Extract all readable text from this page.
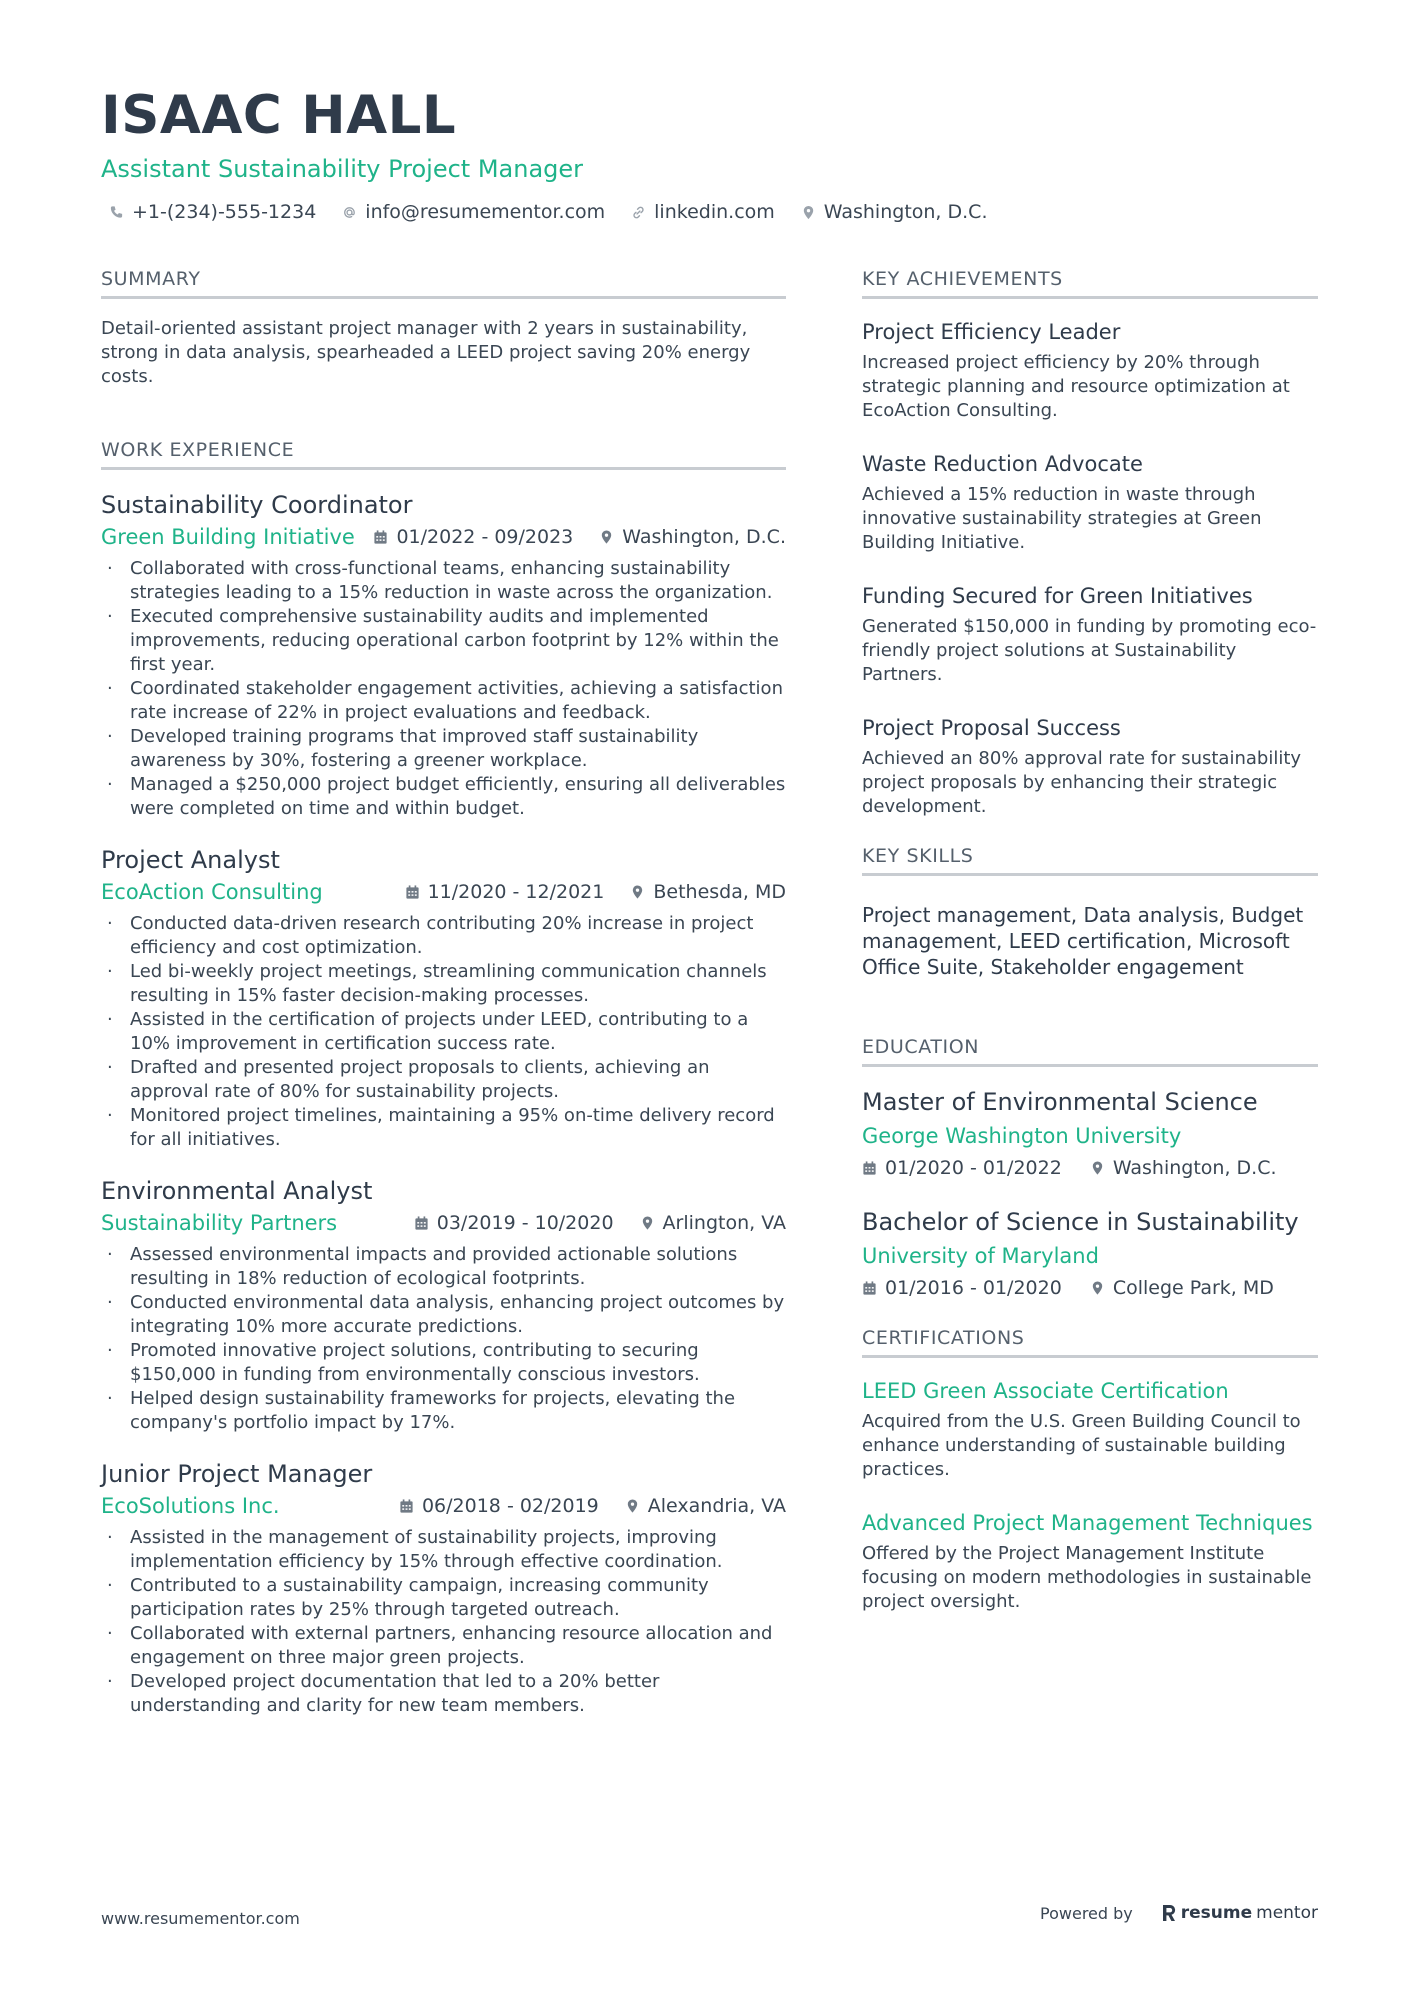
ISAAC HALL
Assistant Sustainability Project Manager
+1-(234)-555-1234	info@resumementor.com	linkedin.com	Washington, D.C.
SUMMARY
Detail-oriented assistant project manager with 2 years in sustainability, strong in data analysis, spearheaded a LEED project saving 20% energy costs.
WORK EXPERIENCE
Sustainability Coordinator
Green Building Initiative 01/2022 - 09/2023	Washington, D.C.
· Collaborated with cross-functional teams, enhancing sustainability strategies leading to a 15% reduction in waste across the organization.
· Executed comprehensive sustainability audits and implemented improvements, reducing operational carbon footprint by 12% within the first year.
· Coordinated stakeholder engagement activities, achieving a satisfaction rate increase of 22% in project evaluations and feedback.
· Developed training programs that improved staff sustainability awareness by 30%, fostering a greener workplace.
· Managed a $250,000 project budget efficiently, ensuring all deliverables were completed on time and within budget.
Project Analyst
EcoAction Consulting	11/2020 - 12/2021	Bethesda, MD
· Conducted data-driven research contributing 20% increase in project efficiency and cost optimization.
· Led bi-weekly project meetings, streamlining communication channels resulting in 15% faster decision-making processes.
· Assisted in the certification of projects under LEED, contributing to a 10% improvement in certification success rate.
· Drafted and presented project proposals to clients, achieving an approval rate of 80% for sustainability projects.
· Monitored project timelines, maintaining a 95% on-time delivery record for all initiatives.
Environmental Analyst
Sustainability Partners	03/2019 - 10/2020	Arlington, VA
· Assessed environmental impacts and provided actionable solutions resulting in 18% reduction of ecological footprints.
· Conducted environmental data analysis, enhancing project outcomes by integrating 10% more accurate predictions.
· Promoted innovative project solutions, contributing to securing $150,000 in funding from environmentally conscious investors.
· Helped design sustainability frameworks for projects, elevating the company's portfolio impact by 17%.
Junior Project Manager
EcoSolutions Inc.	06/2018 - 02/2019	Alexandria, VA
· Assisted in the management of sustainability projects, improving implementation efficiency by 15% through effective coordination.
· Contributed to a sustainability campaign, increasing community participation rates by 25% through targeted outreach.
· Collaborated with external partners, enhancing resource allocation and engagement on three major green projects.
· Developed project documentation that led to a 20% better understanding and clarity for new team members.
KEY ACHIEVEMENTS
Project Efficiency Leader
Increased project efficiency by 20% through strategic planning and resource optimization at EcoAction Consulting.
Waste Reduction Advocate
Achieved a 15% reduction in waste through innovative sustainability strategies at Green Building Initiative.
Funding Secured for Green Initiatives
Generated $150,000 in funding by promoting eco-friendly project solutions at Sustainability Partners.
Project Proposal Success
Achieved an 80% approval rate for sustainability project proposals by enhancing their strategic development.
KEY SKILLS
Project management, Data analysis, Budget management, LEED certification, Microsoft Office Suite, Stakeholder engagement
EDUCATION
Master of Environmental Science
George Washington University
01/2020 - 01/2022	Washington, D.C.
Bachelor of Science in Sustainability
University of Maryland
01/2016 - 01/2020	College Park, MD
CERTIFICATIONS
LEED Green Associate Certification
Acquired from the U.S. Green Building Council to enhance understanding of sustainable building practices.
Advanced Project Management Techniques
Offered by the Project Management Institute focusing on modern methodologies in sustainable project oversight.
www.resumementor.com	Powered by	resume mentor
